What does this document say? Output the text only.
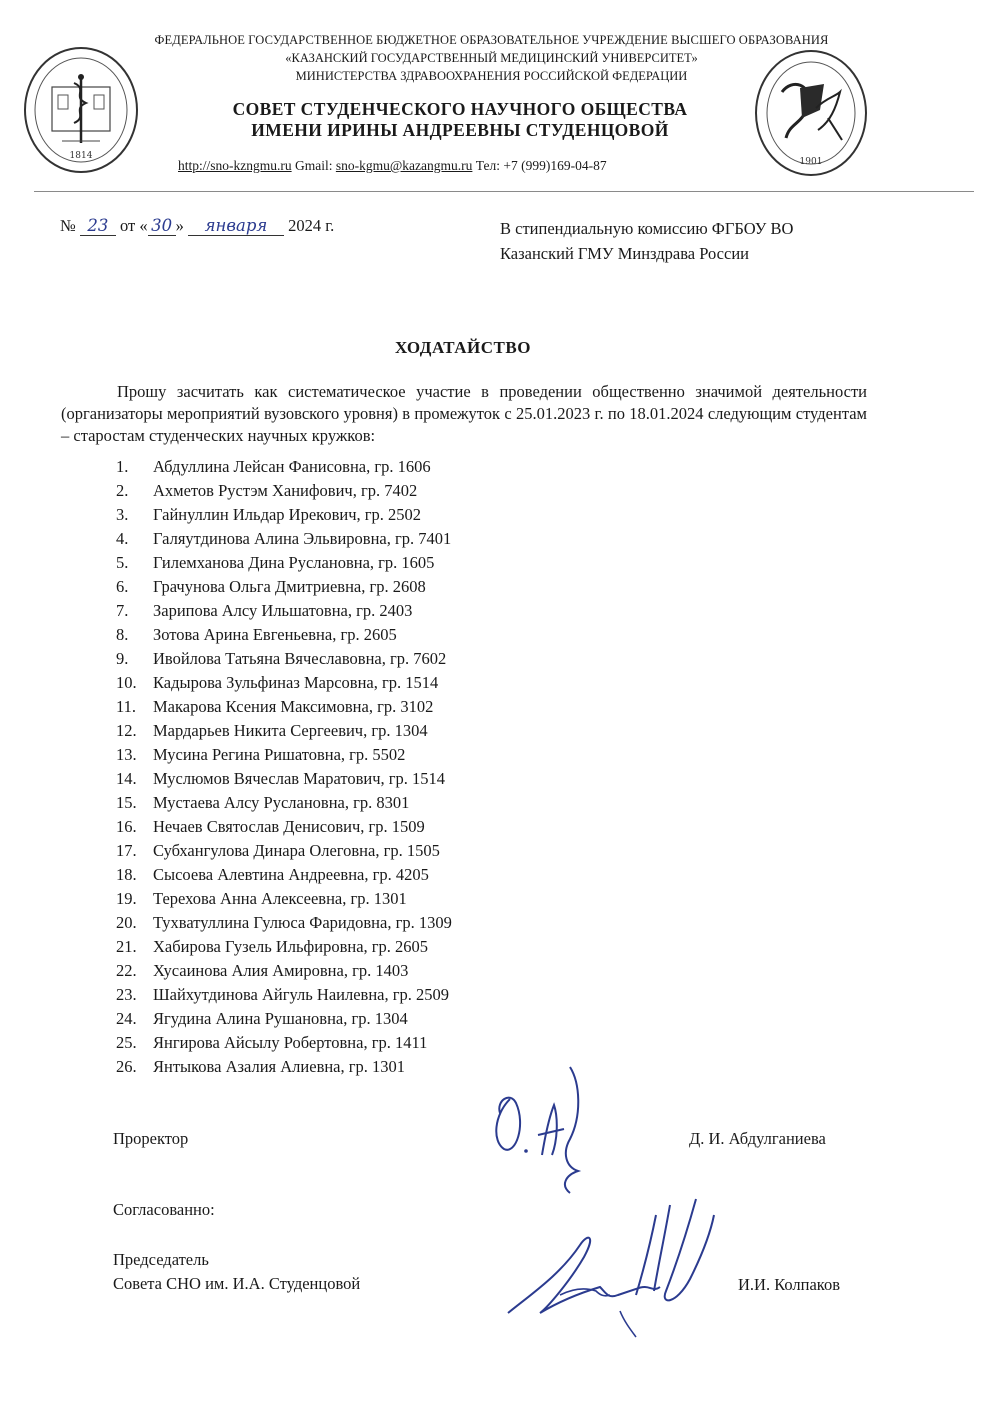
ФЕДЕРАЛЬНОЕ ГОСУДАРСТВЕННОЕ БЮДЖЕТНОЕ ОБРАЗОВАТЕЛЬНОЕ УЧРЕЖДЕНИЕ ВЫСШЕГО ОБРАЗОВАНИЯ
«КАЗАНСКИЙ ГОСУДАРСТВЕННЫЙ МЕДИЦИНСКИЙ УНИВЕРСИТЕТ»
МИНИСТЕРСТВА ЗДРАВООХРАНЕНИЯ РОССИЙСКОЙ ФЕДЕРАЦИИ
1814
1901
СОВЕТ СТУДЕНЧЕСКОГО НАУЧНОГО ОБЩЕСТВА
ИМЕНИ ИРИНЫ АНДРЕЕВНЫ СТУДЕНЦОВОЙ
http://sno-kzngmu.ru Gmail: sno-kgmu@kazangmu.ru Тел: +7 (999)169-04-87
№ 23 от « 30 » января 2024 г.	В стипендиальную комиссию ФГБОУ ВО
Казанский ГМУ Минздрава России
ХОДАТАЙСТВО
Прошу засчитать как систематическое участие в проведении общественно значимой деятельности (организаторы мероприятий вузовского уровня) в промежуток с 25.01.2023 г. по 18.01.2024 следующим студентам – старостам студенческих научных кружков:
1. Абдуллина Лейсан Фанисовна, гр. 1606
2. Ахметов Рустэм Ханифович, гр. 7402
3. Гайнуллин Ильдар Ирекович, гр. 2502
4. Галяутдинова Алина Эльвировна, гр. 7401
5. Гилемханова Дина Руслановна, гр. 1605
6. Грачунова Ольга Дмитриевна, гр. 2608
7. Зарипова Алсу Ильшатовна, гр. 2403
8. Зотова Арина Евгеньевна, гр. 2605
9. Ивойлова Татьяна Вячеславовна, гр. 7602
10. Кадырова Зульфиназ Марсовна, гр. 1514
11. Макарова Ксения Максимовна, гр. 3102
12. Мардарьев Никита Сергеевич, гр. 1304
13. Мусина Регина Ришатовна, гр. 5502
14. Муслюмов Вячеслав Маратович, гр. 1514
15. Мустаева Алсу Руслановна, гр. 8301
16. Нечаев Святослав Денисович, гр. 1509
17. Субхангулова Динара Олеговна, гр. 1505
18. Сысоева Алевтина Андреевна, гр. 4205
19. Терехова Анна Алексеевна, гр. 1301
20. Тухватуллина Гулюса Фаридовна, гр. 1309
21. Хабирова Гузель Ильфировна, гр. 2605
22. Хусаинова Алия Амировна, гр. 1403
23. Шайхутдинова Айгуль Наилевна, гр. 2509
24. Ягудина Алина Рушановна, гр. 1304
25. Янгирова Айсылу Робертовна, гр. 1411
26. Янтыкова Азалия Алиевна, гр. 1301
Проректор	Д. И. Абдулганиева
Согласованно:
Председатель
Совета СНО им. И.А. Студенцовой	И.И. Колпаков
